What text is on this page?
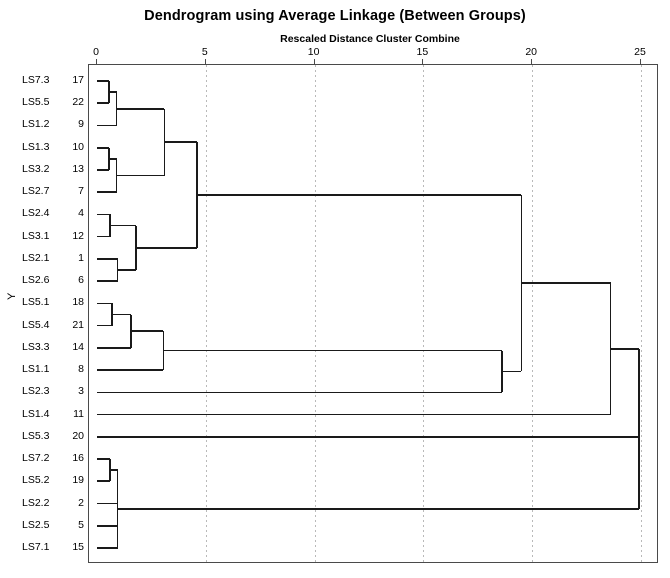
Dendrogram using Average Linkage (Between Groups)
Rescaled Distance Cluster Combine
Y
0	5	10	15	20	25
LS7.3	17
LS5.5	22
LS1.2	9
LS1.3	10
LS3.2	13
LS2.7	7
LS2.4	4
LS3.1	12
LS2.1	1
LS2.6	6
LS5.1	18
LS5.4	21
LS3.3	14
LS1.1	8
LS2.3	3
LS1.4	11
LS5.3	20
LS7.2	16
LS5.2	19
LS2.2	2
LS2.5	5
LS7.1	15
